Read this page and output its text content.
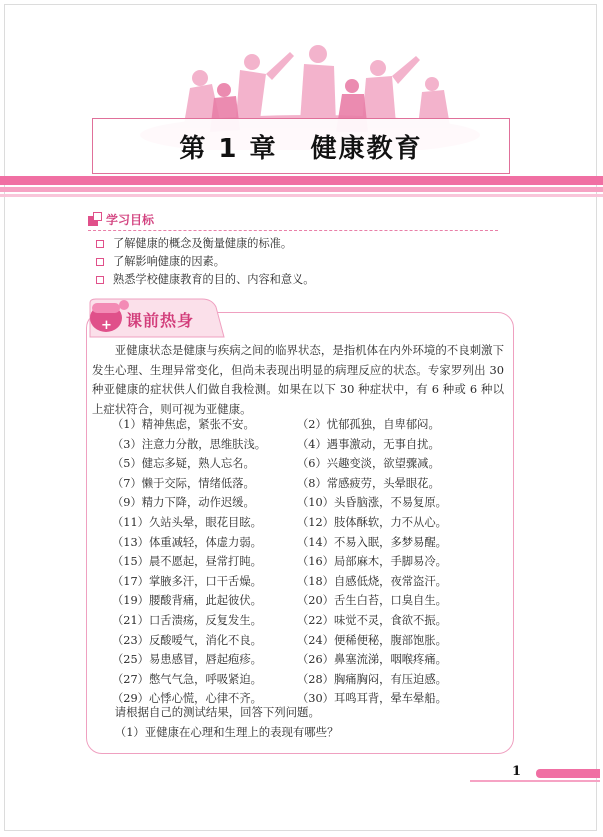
第 1 章   健康教育
学习目标
了解健康的概念及衡量健康的标准。
了解影响健康的因素。
熟悉学校健康教育的目的、内容和意义。
+ 课前热身

亚健康状态是健康与疾病之间的临界状态，是指机体在内外环境的不良刺激下发生心理、生理异常变化，但尚未表现出明显的病理反应的状态。专家罗列出 30 种亚健康的症状供人们做自我检测。如果在以下 30 种症状中，有 6 种或 6 种以上症状符合，则可视为亚健康。

（1）精神焦虑，紧张不安。	（2）忧郁孤独，自卑郁闷。
（3）注意力分散，思维肤浅。	（4）遇事激动，无事自扰。
（5）健忘多疑，熟人忘名。	（6）兴趣变淡，欲望骤减。
（7）懒于交际，情绪低落。	（8）常感疲劳，头晕眼花。
（9）精力下降，动作迟缓。	（10）头昏脑涨，不易复原。
（11）久站头晕，眼花目眩。	（12）肢体酥软，力不从心。
（13）体重减轻，体虚力弱。	（14）不易入眠，多梦易醒。
（15）晨不愿起，昼常打盹。	（16）局部麻木，手脚易冷。
（17）掌腋多汗，口干舌燥。	（18）自感低烧，夜常盗汗。
（19）腰酸背痛，此起彼伏。	（20）舌生白苔，口臭自生。
（21）口舌溃疡，反复发生。	（22）味觉不灵，食欲不振。
（23）反酸嗳气，消化不良。	（24）便稀便秘，腹部饱胀。
（25）易患感冒，唇起疱疹。	（26）鼻塞流涕，咽喉疼痛。
（27）憋气气急，呼吸紧迫。	（28）胸痛胸闷，有压迫感。
（29）心悸心慌，心律不齐。	（30）耳鸣耳背，晕车晕船。
请根据自己的测试结果，回答下列问题。
（1）亚健康在心理和生理上的表现有哪些？
1
